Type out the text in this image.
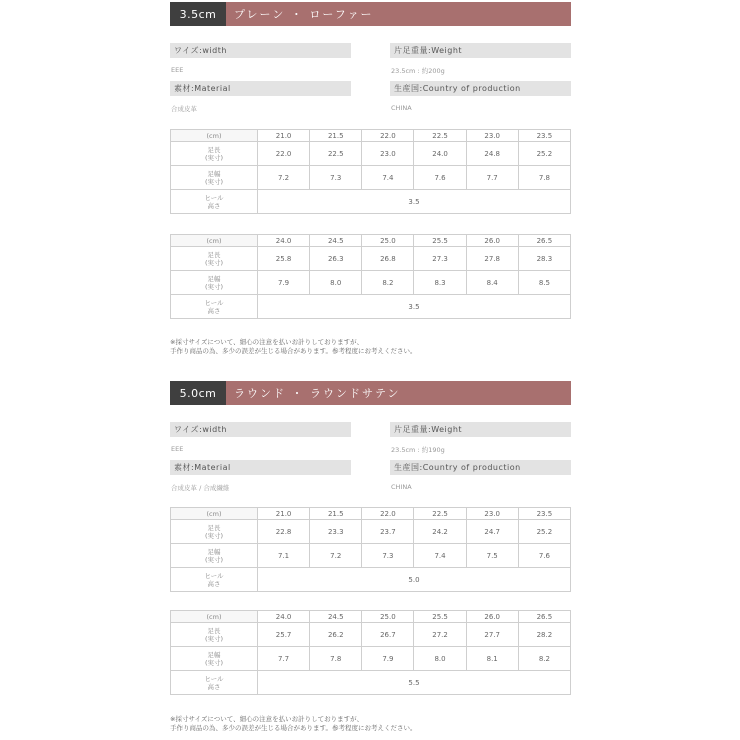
3.5cm	プレーン ・ ローファー
ワイズ:width
EEE
片足重量:Weight
23.5cm : 約200g
素材:Material
合成皮革
生産国:Country of production
CHINA
(cm)	21.0	21.5	22.0	22.5	23.0	23.5
足長
(実寸)	22.0	22.5	23.0	24.0	24.8	25.2
足幅
(実寸)	7.2	7.3	7.4	7.6	7.7	7.8
ヒール
高さ	3.5					
(cm)	24.0	24.5	25.0	25.5	26.0	26.5
足長
(実寸)	25.8	26.3	26.8	27.3	27.8	28.3
足幅
(実寸)	7.9	8.0	8.2	8.3	8.4	8.5
ヒール
高さ	3.5					
※採寸サイズについて、細心の注意を払いお計りしておりますが、
手作り商品の為、多少の誤差が生じる場合があります。参考程度にお考えください。
5.0cm	ラウンド ・ ラウンドサテン
ワイズ:width
EEE
片足重量:Weight
23.5cm : 約190g
素材:Material
合成皮革 / 合成繊維
生産国:Country of production
CHINA
(cm)	21.0	21.5	22.0	22.5	23.0	23.5
足長
(実寸)	22.8	23.3	23.7	24.2	24.7	25.2
足幅
(実寸)	7.1	7.2	7.3	7.4	7.5	7.6
ヒール
高さ	5.0					
(cm)	24.0	24.5	25.0	25.5	26.0	26.5
足長
(実寸)	25.7	26.2	26.7	27.2	27.7	28.2
足幅
(実寸)	7.7	7.8	7.9	8.0	8.1	8.2
ヒール
高さ	5.5					
※採寸サイズについて、細心の注意を払いお計りしておりますが、
手作り商品の為、多少の誤差が生じる場合があります。参考程度にお考えください。
